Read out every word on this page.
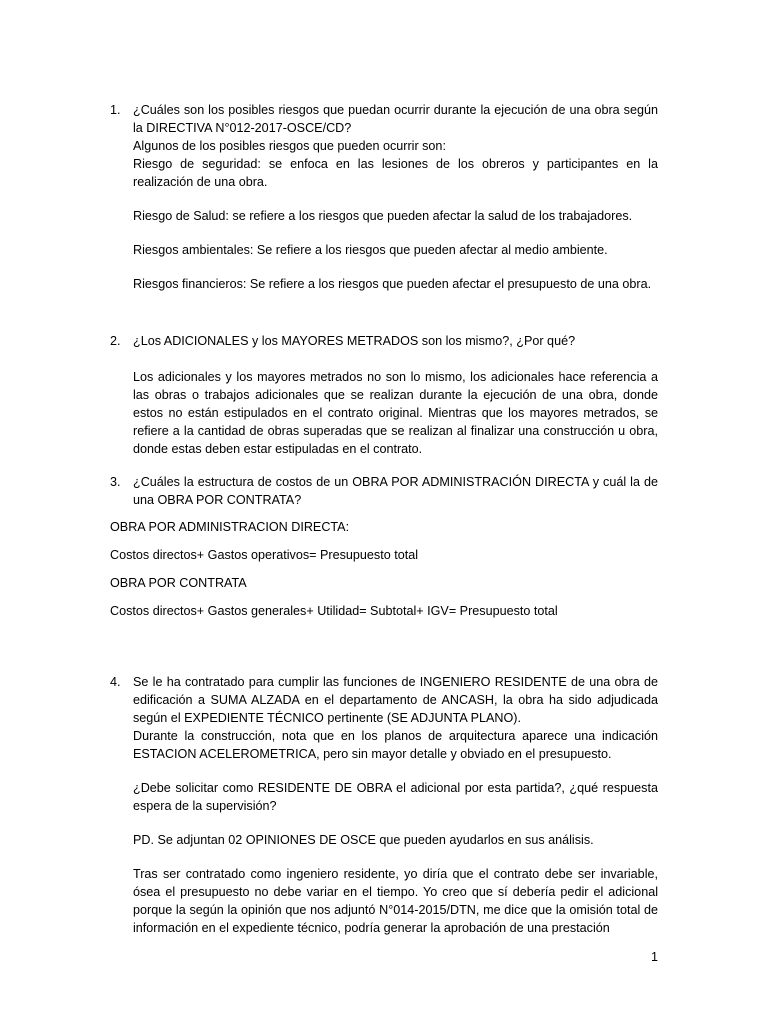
1. ¿Cuáles son los posibles riesgos que puedan ocurrir durante la ejecución de una obra según la DIRECTIVA N°012-2017-OSCE/CD?

Algunos de los posibles riesgos que pueden ocurrir son:

Riesgo de seguridad: se enfoca en las lesiones de los obreros y participantes en la realización de una obra.

Riesgo de Salud: se refiere a los riesgos que pueden afectar la salud de los trabajadores.

Riesgos ambientales: Se refiere a los riesgos que pueden afectar al medio ambiente.

Riesgos financieros: Se refiere a los riesgos que pueden afectar el presupuesto de una obra.

2. ¿Los ADICIONALES y los MAYORES METRADOS son los mismo?, ¿Por qué?

Los adicionales y los mayores metrados no son lo mismo, los adicionales hace referencia a las obras o trabajos adicionales que se realizan durante la ejecución de una obra, donde estos no están estipulados en el contrato original. Mientras que los mayores metrados, se refiere a la cantidad de obras superadas que se realizan al finalizar una construcción u obra, donde estas deben estar estipuladas en el contrato.

3. ¿Cuáles la estructura de costos de un OBRA POR ADMINISTRACIÓN DIRECTA y cuál la de una OBRA POR CONTRATA?

OBRA POR ADMINISTRACION DIRECTA:
Costos directos+ Gastos operativos= Presupuesto total
OBRA POR CONTRATA
Costos directos+ Gastos generales+ Utilidad= Subtotal+ IGV= Presupuesto total
4. Se le ha contratado para cumplir las funciones de INGENIERO RESIDENTE de una obra de edificación a SUMA ALZADA en el departamento de ANCASH, la obra ha sido adjudicada según el EXPEDIENTE TÉCNICO pertinente (SE ADJUNTA PLANO).

Durante la construcción, nota que en los planos de arquitectura aparece una indicación ESTACION ACELEROMETRICA, pero sin mayor detalle y obviado en el presupuesto.

¿Debe solicitar como RESIDENTE DE OBRA el adicional por esta partida?, ¿qué respuesta espera de la supervisión?

PD. Se adjuntan 02 OPINIONES DE OSCE que pueden ayudarlos en sus análisis.

Tras ser contratado como ingeniero residente, yo diría que el contrato debe ser invariable, ósea el presupuesto no debe variar en el tiempo. Yo creo que sí debería pedir el adicional porque la según la opinión que nos adjuntó N°014-2015/DTN, me dice que la omisión total de información en el expediente técnico, podría generar la aprobación de una prestación

1
